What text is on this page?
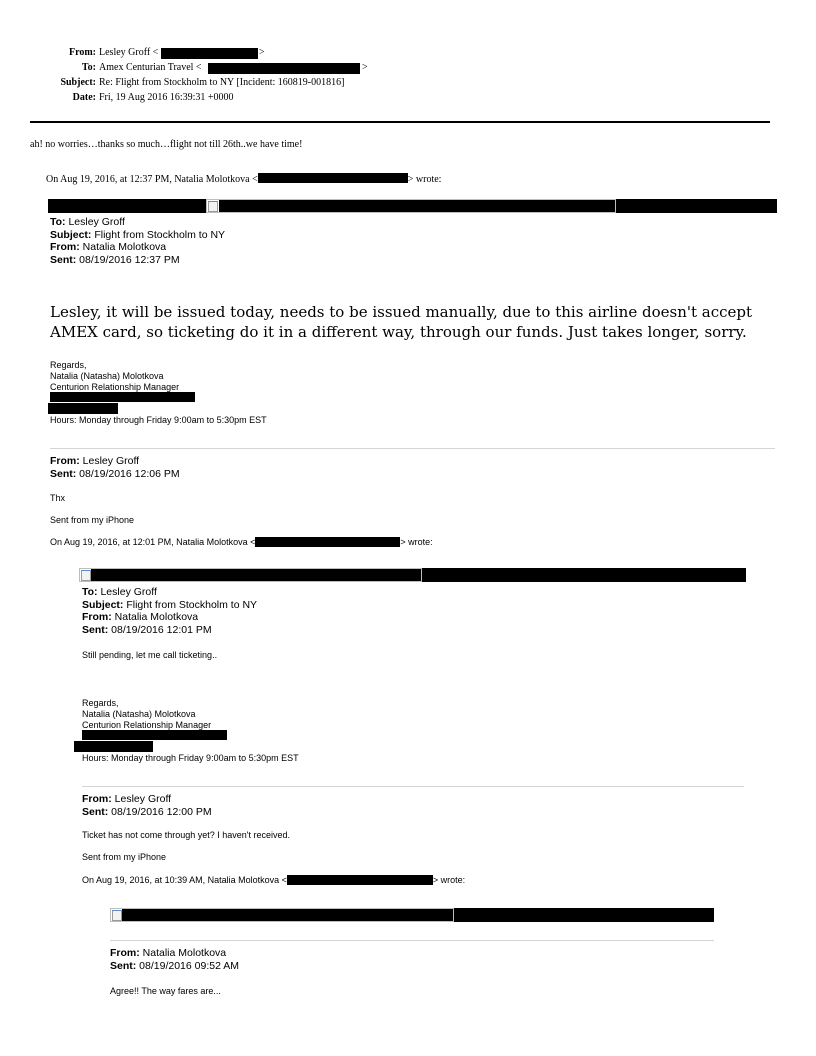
From: Lesley Groff <	>
To: Amex Centurian Travel <	>
Subject: Re: Flight from Stockholm to NY [Incident: 160819-001816]
Date: Fri, 19 Aug 2016 16:39:31 +0000
ah! no worries…thanks so much…flight not till 26th..we have time!
On Aug 19, 2016, at 12:37 PM, Natalia Molotkova <	> wrote:
To: Lesley Groff
Subject: Flight from Stockholm to NY
From: Natalia Molotkova
Sent: 08/19/2016 12:37 PM
Lesley, it will be issued today, needs to be issued manually, due to this airline doesn't accept AMEX card, so ticketing do it in a different way, through our funds. Just takes longer, sorry.
Regards,
Natalia (Natasha) Molotkova
Centurion Relationship Manager
Hours: Monday through Friday 9:00am to 5:30pm EST
From: Lesley Groff
Sent: 08/19/2016 12:06 PM
Thx
Sent from my iPhone
On Aug 19, 2016, at 12:01 PM, Natalia Molotkova <	> wrote:
To: Lesley Groff
Subject: Flight from Stockholm to NY
From: Natalia Molotkova
Sent: 08/19/2016 12:01 PM
Still pending, let me call ticketing..
Regards,
Natalia (Natasha) Molotkova
Centurion Relationship Manager
Hours: Monday through Friday 9:00am to 5:30pm EST
From: Lesley Groff
Sent: 08/19/2016 12:00 PM
Ticket has not come through yet? I haven't received.
Sent from my iPhone
On Aug 19, 2016, at 10:39 AM, Natalia Molotkova <	> wrote:
From: Natalia Molotkova
Sent: 08/19/2016 09:52 AM
Agree!! The way fares are...
